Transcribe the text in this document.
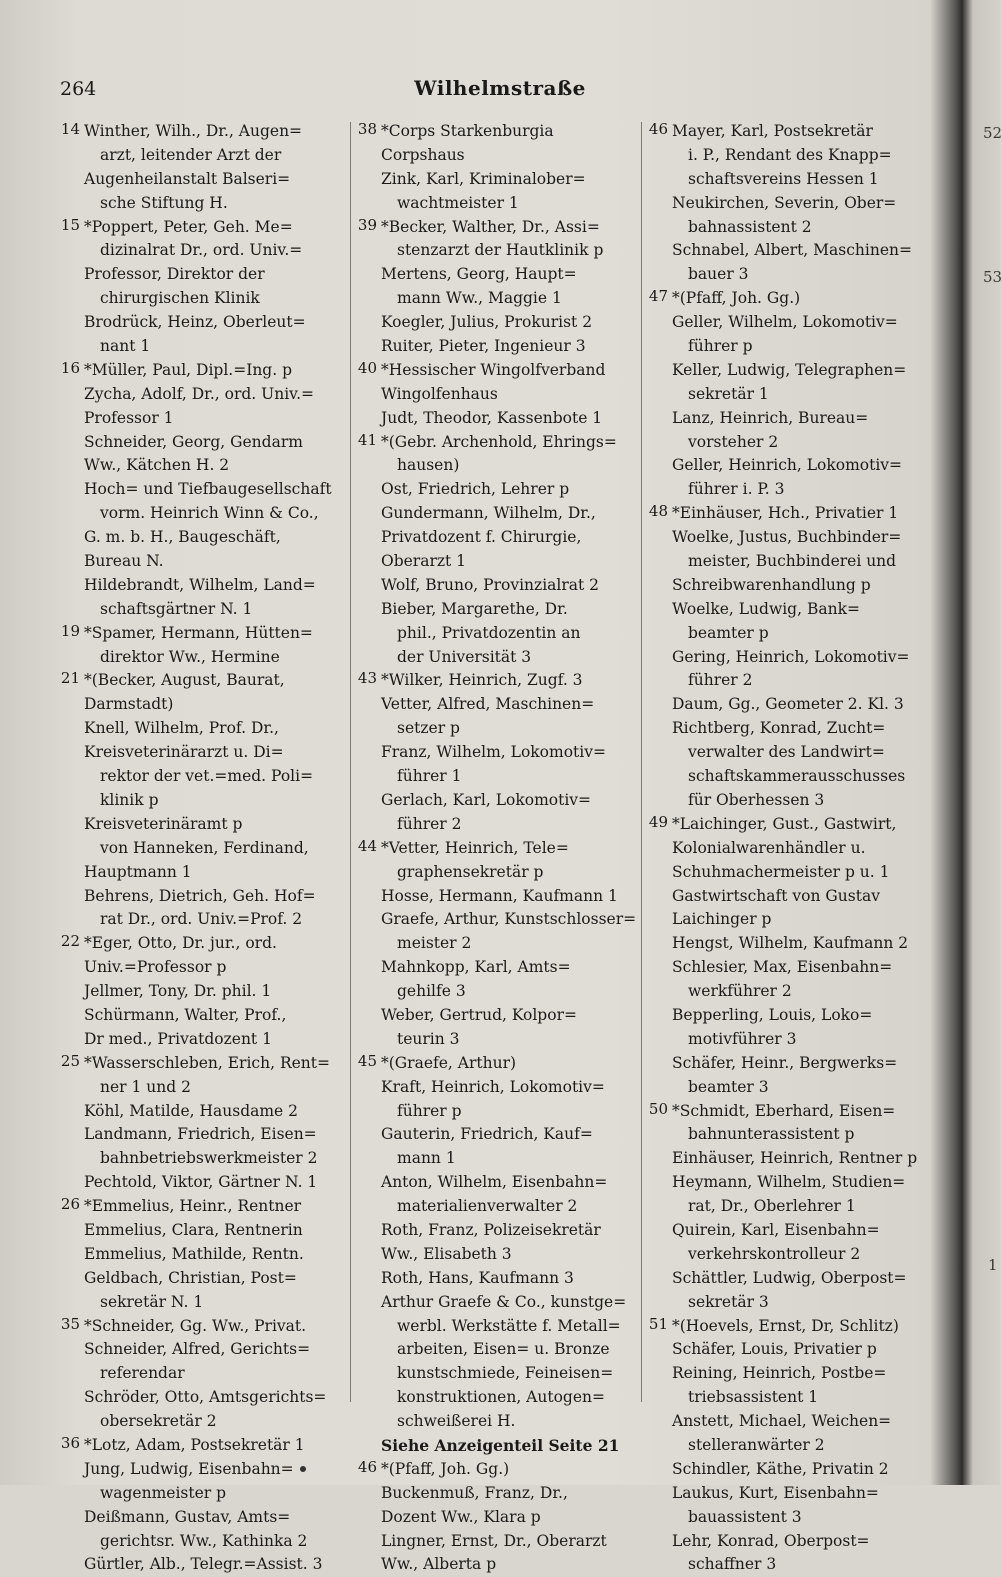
264	Wilhelmstraße
14 Winther, Wilh., Dr., Augen=
arzt, leitender Arzt der
Augenheilanstalt Balseri=
sche Stiftung H.
15 *Poppert, Peter, Geh. Me=
dizinalrat Dr., ord. Univ.=
Professor, Direktor der
chirurgischen Klinik
Brodrück, Heinz, Oberleut=
nant 1
16 *Müller, Paul, Dipl.=Ing. p
Zycha, Adolf, Dr., ord. Univ.=
Professor 1
Schneider, Georg, Gendarm
Ww., Kätchen H. 2
Hoch= und Tiefbaugesellschaft
vorm. Heinrich Winn & Co.,
G. m. b. H., Baugeschäft,
Bureau N.
Hildebrandt, Wilhelm, Land=
schaftsgärtner N. 1
19 *Spamer, Hermann, Hütten=
direktor Ww., Hermine
21 *(Becker, August, Baurat,
Darmstadt)
Knell, Wilhelm, Prof. Dr.,
Kreisveterinärarzt u. Di=
rektor der vet.=med. Poli=
klinik p
Kreisveterinäramt p
von Hanneken, Ferdinand,
Hauptmann 1
Behrens, Dietrich, Geh. Hof=
rat Dr., ord. Univ.=Prof. 2
22 *Eger, Otto, Dr. jur., ord.
Univ.=Professor p
Jellmer, Tony, Dr. phil. 1
Schürmann, Walter, Prof.,
Dr med., Privatdozent 1
25 *Wasserschleben, Erich, Rent=
ner 1 und 2
Köhl, Matilde, Hausdame 2
Landmann, Friedrich, Eisen=
bahnbetriebswerkmeister 2
Pechtold, Viktor, Gärtner N. 1
26 *Emmelius, Heinr., Rentner
Emmelius, Clara, Rentnerin
Emmelius, Mathilde, Rentn.
Geldbach, Christian, Post=
sekretär N. 1
35 *Schneider, Gg. Ww., Privat.
Schneider, Alfred, Gerichts=
referendar
Schröder, Otto, Amtsgerichts=
obersekretär 2
36 *Lotz, Adam, Postsekretär 1
Jung, Ludwig, Eisenbahn=
wagenmeister p
Deißmann, Gustav, Amts=
gerichtsr. Ww., Kathinka 2
Gürtler, Alb., Telegr.=Assist. 3
38 *Corps Starkenburgia
Corpshaus
Zink, Karl, Kriminalober=
wachtmeister 1
39 *Becker, Walther, Dr., Assi=
stenzarzt der Hautklinik p
Mertens, Georg, Haupt=
mann Ww., Maggie 1
Koegler, Julius, Prokurist 2
Ruiter, Pieter, Ingenieur 3
40 *Hessischer Wingolfverband
Wingolfenhaus
Judt, Theodor, Kassenbote 1
41 *(Gebr. Archenhold, Ehrings=
hausen)
Ost, Friedrich, Lehrer p
Gundermann, Wilhelm, Dr.,
Privatdozent f. Chirurgie,
Oberarzt 1
Wolf, Bruno, Provinzialrat 2
Bieber, Margarethe, Dr.
phil., Privatdozentin an
der Universität 3
43 *Wilker, Heinrich, Zugf. 3
Vetter, Alfred, Maschinen=
setzer p
Franz, Wilhelm, Lokomotiv=
führer 1
Gerlach, Karl, Lokomotiv=
führer 2
44 *Vetter, Heinrich, Tele=
graphensekretär p
Hosse, Hermann, Kaufmann 1
Graefe, Arthur, Kunstschlosser=
meister 2
Mahnkopp, Karl, Amts=
gehilfe 3
Weber, Gertrud, Kolpor=
teurin 3
45 *(Graefe, Arthur)
Kraft, Heinrich, Lokomotiv=
führer p
Gauterin, Friedrich, Kauf=
mann 1
Anton, Wilhelm, Eisenbahn=
materialienverwalter 2
Roth, Franz, Polizeisekretär
Ww., Elisabeth 3
Roth, Hans, Kaufmann 3
Arthur Graefe & Co., kunstge=
werbl. Werkstätte f. Metall=
arbeiten, Eisen= u. Bronze
kunstschmiede, Feineisen=
konstruktionen, Autogen=
schweißerei H.
Siehe Anzeigenteil Seite 21
46 *(Pfaff, Joh. Gg.)
Buckenmuß, Franz, Dr.,
Dozent Ww., Klara p
Lingner, Ernst, Dr., Oberarzt
Ww., Alberta p
46 Mayer, Karl, Postsekretär
i. P., Rendant des Knapp=
schaftsvereins Hessen 1
Neukirchen, Severin, Ober=
bahnassistent 2
Schnabel, Albert, Maschinen=
bauer 3
47 *(Pfaff, Joh. Gg.)
Geller, Wilhelm, Lokomotiv=
führer p
Keller, Ludwig, Telegraphen=
sekretär 1
Lanz, Heinrich, Bureau=
vorsteher 2
Geller, Heinrich, Lokomotiv=
führer i. P. 3
48 *Einhäuser, Hch., Privatier 1
Woelke, Justus, Buchbinder=
meister, Buchbinderei und
Schreibwarenhandlung p
Woelke, Ludwig, Bank=
beamter p
Gering, Heinrich, Lokomotiv=
führer 2
Daum, Gg., Geometer 2. Kl. 3
Richtberg, Konrad, Zucht=
verwalter des Landwirt=
schaftskammerausschusses
für Oberhessen 3
49 *Laichinger, Gust., Gastwirt,
Kolonialwarenhändler u.
Schuhmachermeister p u. 1
Gastwirtschaft von Gustav
Laichinger p
Hengst, Wilhelm, Kaufmann 2
Schlesier, Max, Eisenbahn=
werkführer 2
Bepperling, Louis, Loko=
motivführer 3
Schäfer, Heinr., Bergwerks=
beamter 3
50 *Schmidt, Eberhard, Eisen=
bahnunterassistent p
Einhäuser, Heinrich, Rentner p
Heymann, Wilhelm, Studien=
rat, Dr., Oberlehrer 1
Quirein, Karl, Eisenbahn=
verkehrskontrolleur 2
Schättler, Ludwig, Oberpost=
sekretär 3
51 *(Hoevels, Ernst, Dr, Schlitz)
Schäfer, Louis, Privatier p
Reining, Heinrich, Postbe=
triebsassistent 1
Anstett, Michael, Weichen=
stelleranwärter 2
Schindler, Käthe, Privatin 2
Laukus, Kurt, Eisenbahn=
bauassistent 3
Lehr, Konrad, Oberpost=
schaffner 3
52
53
1
